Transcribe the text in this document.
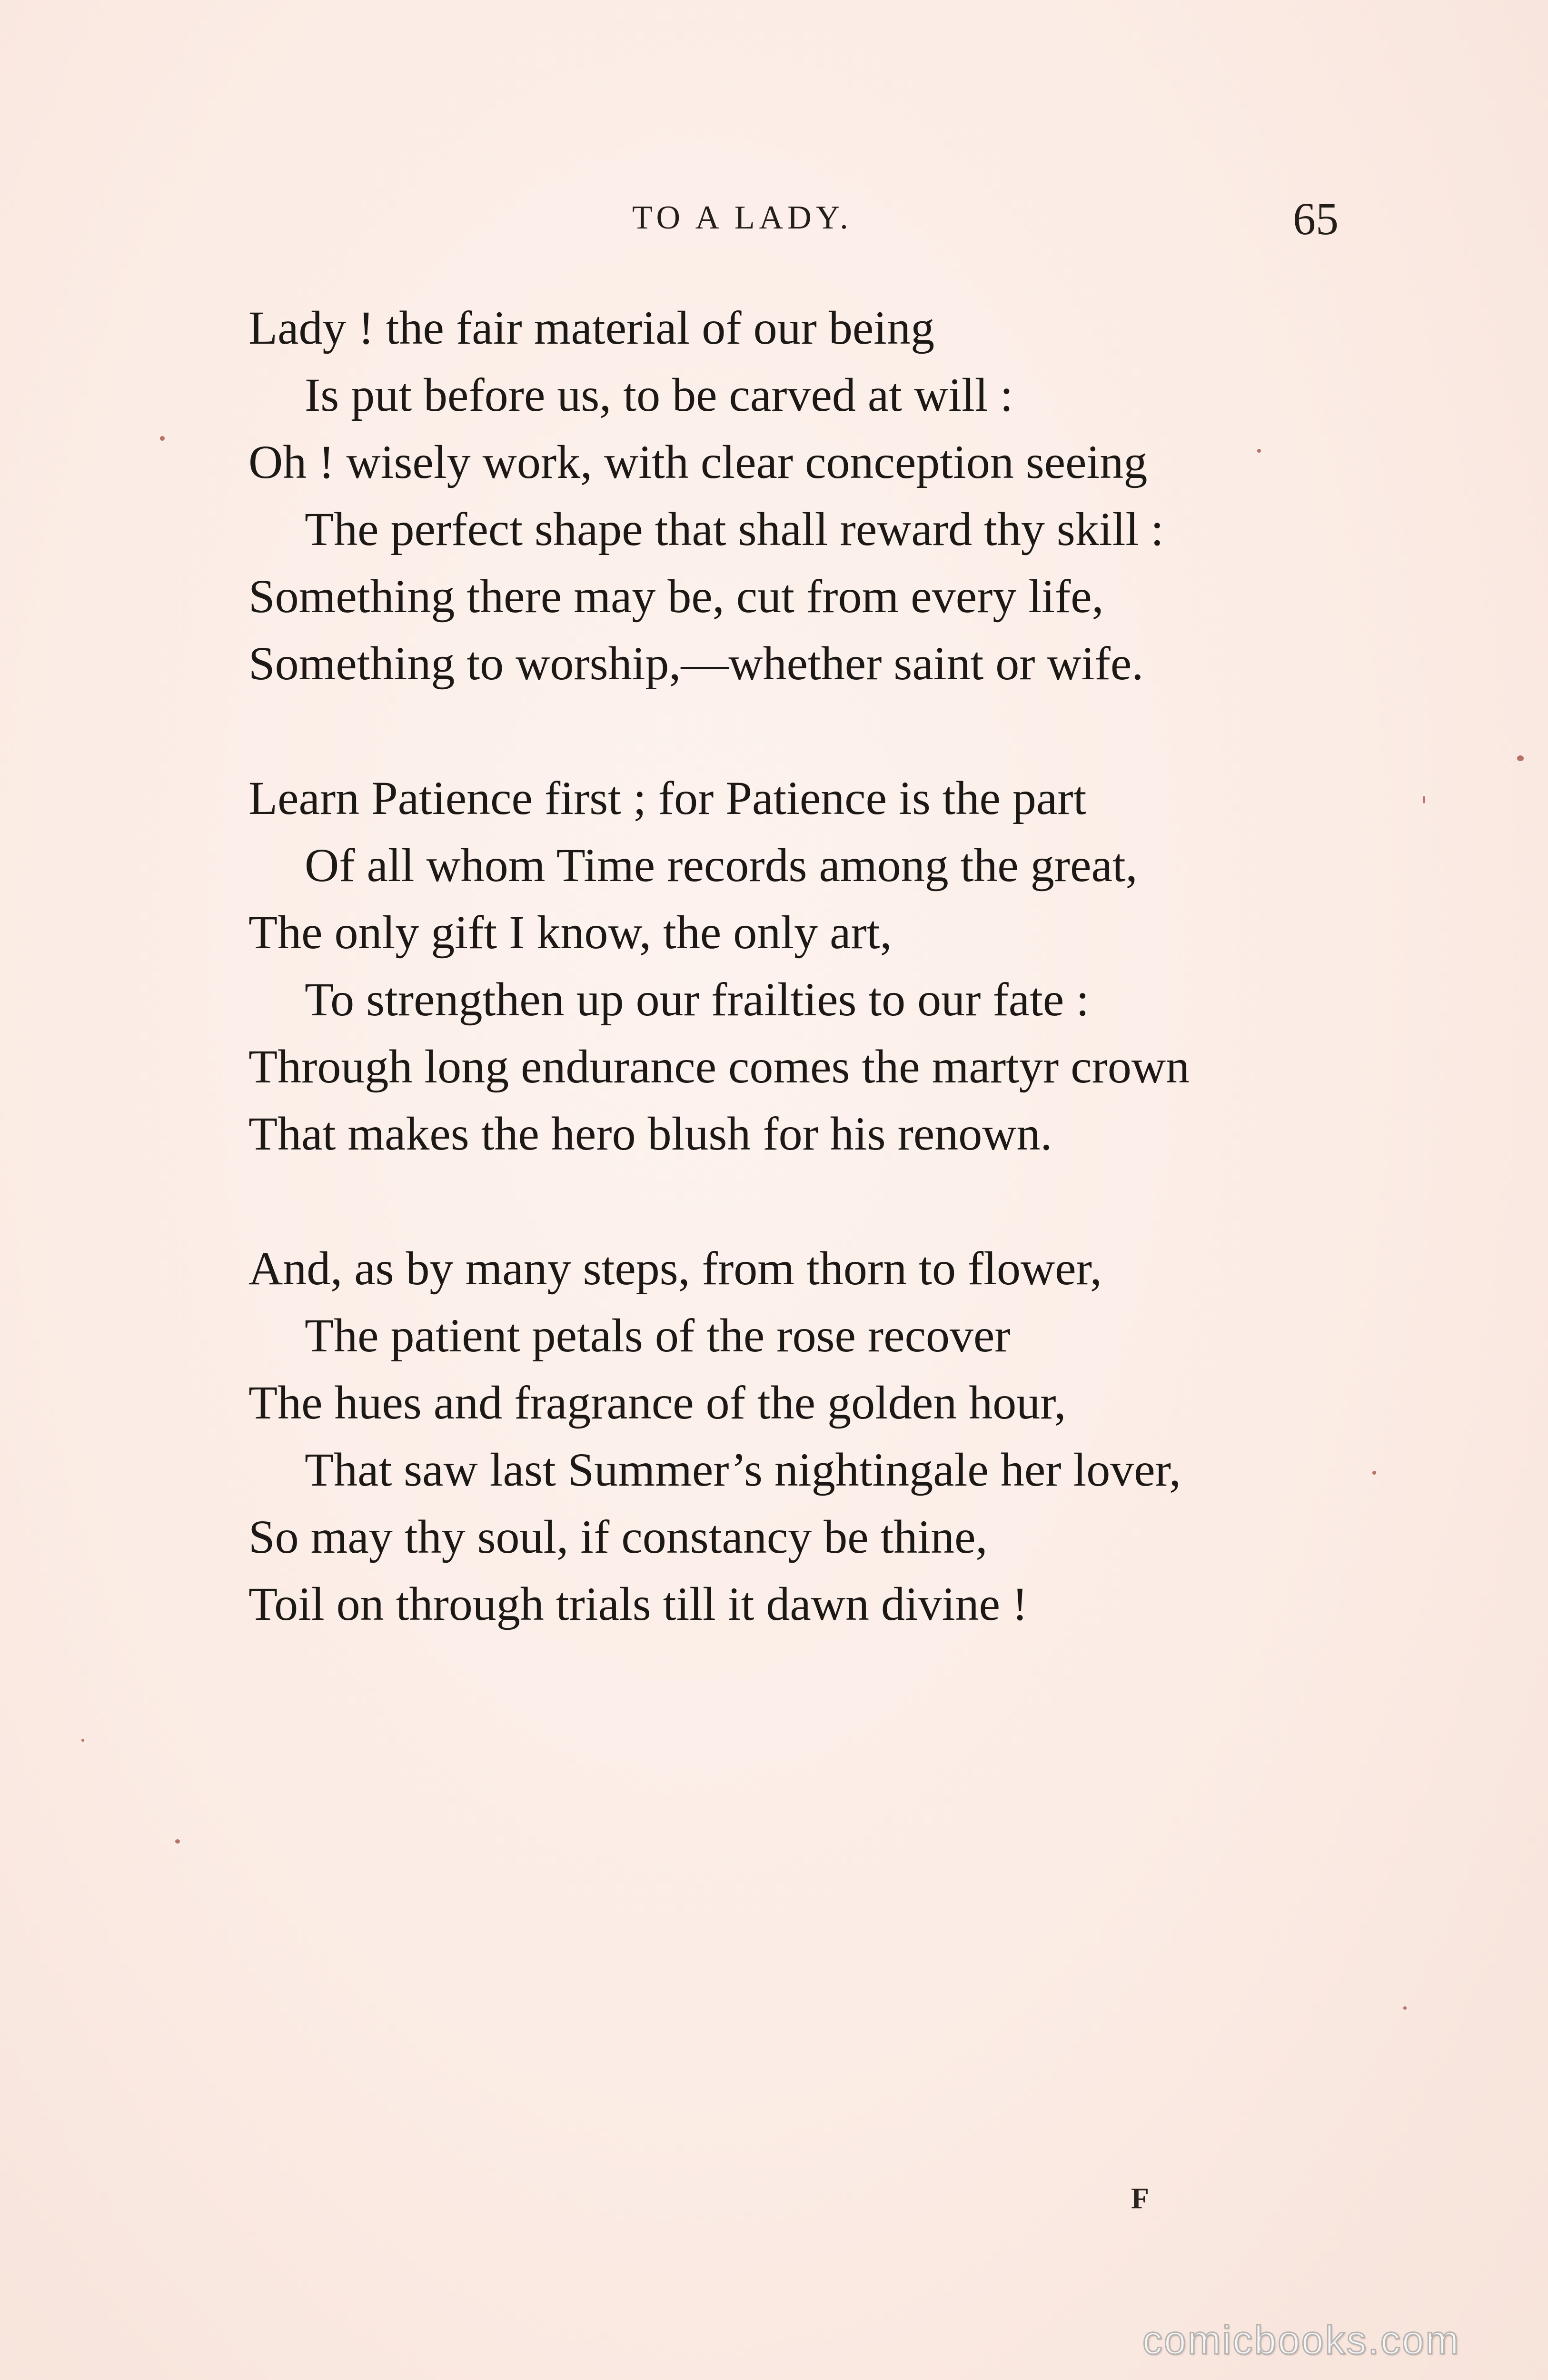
TO A LADY.	65
Lady ! the fair material of our being
Is put before us, to be carved at will :
Oh ! wisely work, with clear conception seeing
The perfect shape that shall reward thy skill :
Something there may be, cut from every life,
Something to worship,—whether saint or wife.
Learn Patience first ; for Patience is the part
Of all whom Time records among the great,
The only gift I know, the only art,
To strengthen up our frailties to our fate :
Through long endurance comes the martyr crown
That makes the hero blush for his renown.
And, as by many steps, from thorn to flower,
The patient petals of the rose recover
The hues and fragrance of the golden hour,
That saw last Summer’s nightingale her lover,
So may thy soul, if constancy be thine,
Toil on through trials till it dawn divine !
F
comicbooks.com
